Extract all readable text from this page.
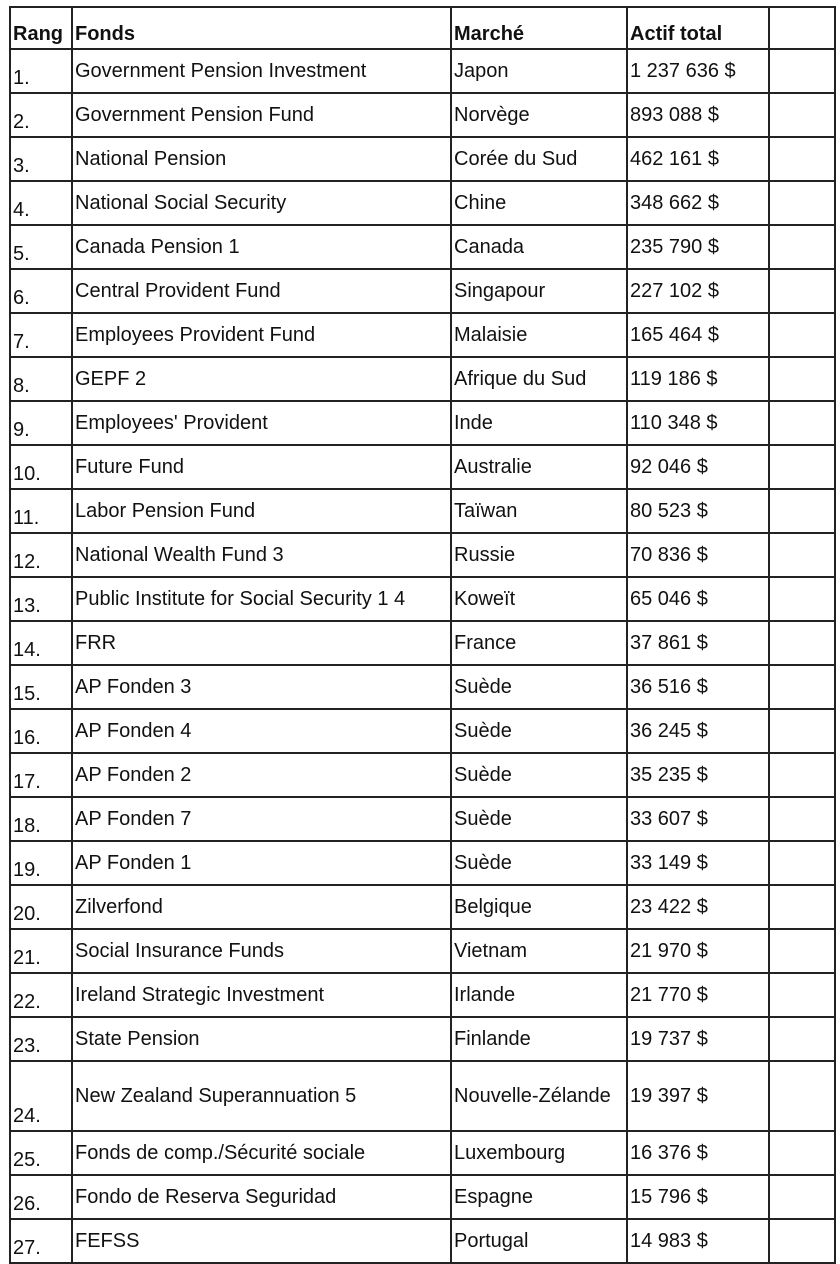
Rang	Fonds	Marché	Actif total	
1.	Government Pension Investment	Japon	1 237 636 $	
2.	Government Pension Fund	Norvège	893 088 $	
3.	National Pension	Corée du Sud	462 161 $	
4.	National Social Security	Chine	348 662 $	
5.	Canada Pension 1	Canada	235 790 $	
6.	Central Provident Fund	Singapour	227 102 $	
7.	Employees Provident Fund	Malaisie	165 464 $	
8.	GEPF 2	Afrique du Sud	119 186 $	
9.	Employees' Provident	Inde	110 348 $	
10.	Future Fund	Australie	92 046 $	
11.	Labor Pension Fund	Taïwan	80 523 $	
12.	National Wealth Fund 3	Russie	70 836 $	
13.	Public Institute for Social Security 1 4	Koweït	65 046 $	
14.	FRR	France	37 861 $	
15.	AP Fonden 3	Suède	36 516 $	
16.	AP Fonden 4	Suède	36 245 $	
17.	AP Fonden 2	Suède	35 235 $	
18.	AP Fonden 7	Suède	33 607 $	
19.	AP Fonden 1	Suède	33 149 $	
20.	Zilverfond	Belgique	23 422 $	
21.	Social Insurance Funds	Vietnam	21 970 $	
22.	Ireland Strategic Investment	Irlande	21 770 $	
23.	State Pension	Finlande	19 737 $	
24.	New Zealand Superannuation 5	Nouvelle-Zélande	19 397 $	
25.	Fonds de comp./Sécurité sociale	Luxembourg	16 376 $	
26.	Fondo de Reserva Seguridad	Espagne	15 796 $	
27.	FEFSS	Portugal	14 983 $	
